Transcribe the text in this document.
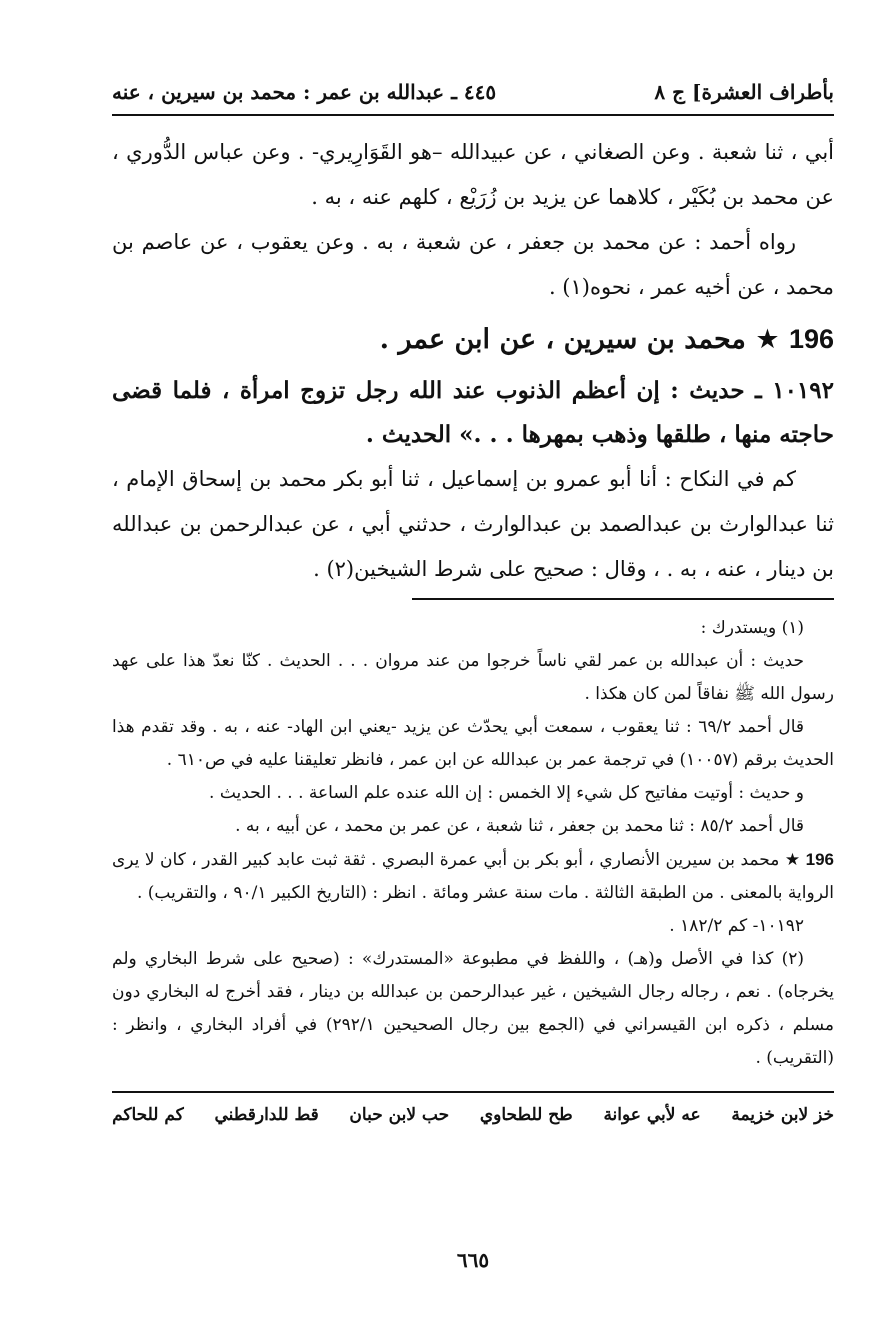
بأطراف العشرة] ج ٨
٤٤٥ ـ عبدالله بن عمر : محمد بن سيرين ، عنه

أبي ، ثنا شعبة . وعن الصغاني ، عن عبيدالله –هو القَوَارِيري- . وعن عباس الدُّوري ، عن محمد بن بُكَيْر ، كلاهما عن يزيد بن زُرَيْع ، كلهم عنه ، به .

رواه أحمد : عن محمد بن جعفر ، عن شعبة ، به . وعن يعقوب ، عن عاصم بن محمد ، عن أخيه عمر ، نحوه(١) .

196 ★ محمد بن سيرين ، عن ابن عمر .

١٠١٩٢ ـ حديث : إن أعظم الذنوب عند الله رجل تزوج امرأة ، فلما قضى حاجته منها ، طلقها وذهب بمهرها . . .» الحديث .

كم في النكاح : أنا أبو عمرو بن إسماعيل ، ثنا أبو بكر محمد بن إسحاق الإمام ، ثنا عبدالوارث بن عبدالصمد بن عبدالوارث ، حدثني أبي ، عن عبدالرحمن بن عبدالله بن دينار ، عنه ، به . ، وقال : صحيح على شرط الشيخين(٢) .

(١) ويستدرك :

حديث : أن عبدالله بن عمر لقي ناساً خرجوا من عند مروان . . . الحديث . كنّا نعدّ هذا على عهد رسول الله ﷺ نفاقاً لمن كان هكذا .

قال أحمد ٦٩/٢ : ثنا يعقوب ، سمعت أبي يحدّث عن يزيد -يعني ابن الهاد- عنه ، به . وقد تقدم هذا الحديث برقم (١٠٠٥٧) في ترجمة عمر بن عبدالله عن ابن عمر ، فانظر تعليقنا عليه في ص٦١٠ .

و حديث : أوتيت مفاتيح كل شيء إلا الخمس : إن الله عنده علم الساعة . . . الحديث .

قال أحمد ٨٥/٢ : ثنا محمد بن جعفر ، ثنا شعبة ، عن عمر بن محمد ، عن أبيه ، به .

196 ★ محمد بن سيرين الأنصاري ، أبو بكر بن أبي عمرة البصري . ثقة ثبت عابد كبير القدر ، كان لا يرى الرواية بالمعنى . من الطبقة الثالثة . مات سنة عشر ومائة . انظر : (التاريخ الكبير ٩٠/١ ، والتقريب) .

١٠١٩٢- كم ١٨٢/٢ .

(٢) كذا في الأصل و(هـ) ، واللفظ في مطبوعة «المستدرك» : (صحيح على شرط البخاري ولم يخرجاه) . نعم ، رجاله رجال الشيخين ، غير عبدالرحمن بن عبدالله بن دينار ، فقد أخرج له البخاري دون مسلم ، ذكره ابن القيسراني في (الجمع بين رجال الصحيحين ٢٩٢/١) في أفراد البخاري ، وانظر : (التقريب) .

خز لابن خزيمة
عه لأبي عوانة
طح للطحاوي
حب لابن حبان
قط للدارقطني
كم للحاكم
٦٦٥
